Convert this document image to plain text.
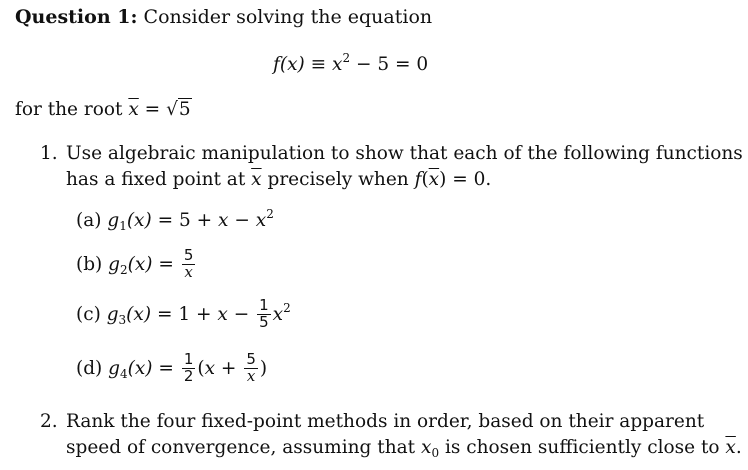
Question 1: Consider solving the equation
$f(x) \equiv x^2 - 5 = 0$
for the root $\overline{x} = √5$
1. Use algebraic manipulation to show that each of the following functions
has a fixed point at $\overline{x}$ precisely when $f(\overline{x}) = 0$.
(a) $g_1(x) = 5 + x - x^2$
(b) $g_2(x) = \frac{5}{x}$
(c) $g_3(x) = 1 + x - \frac{1}{5} x^2$
(d) $g_4(x) = \frac{1}{2} (x + \frac{5}{x}$ )
2. Rank the four fixed-point methods in order, based on their apparent
speed of convergence, assuming that $x_0$ is chosen sufficiently close to $\overline{x}$.
